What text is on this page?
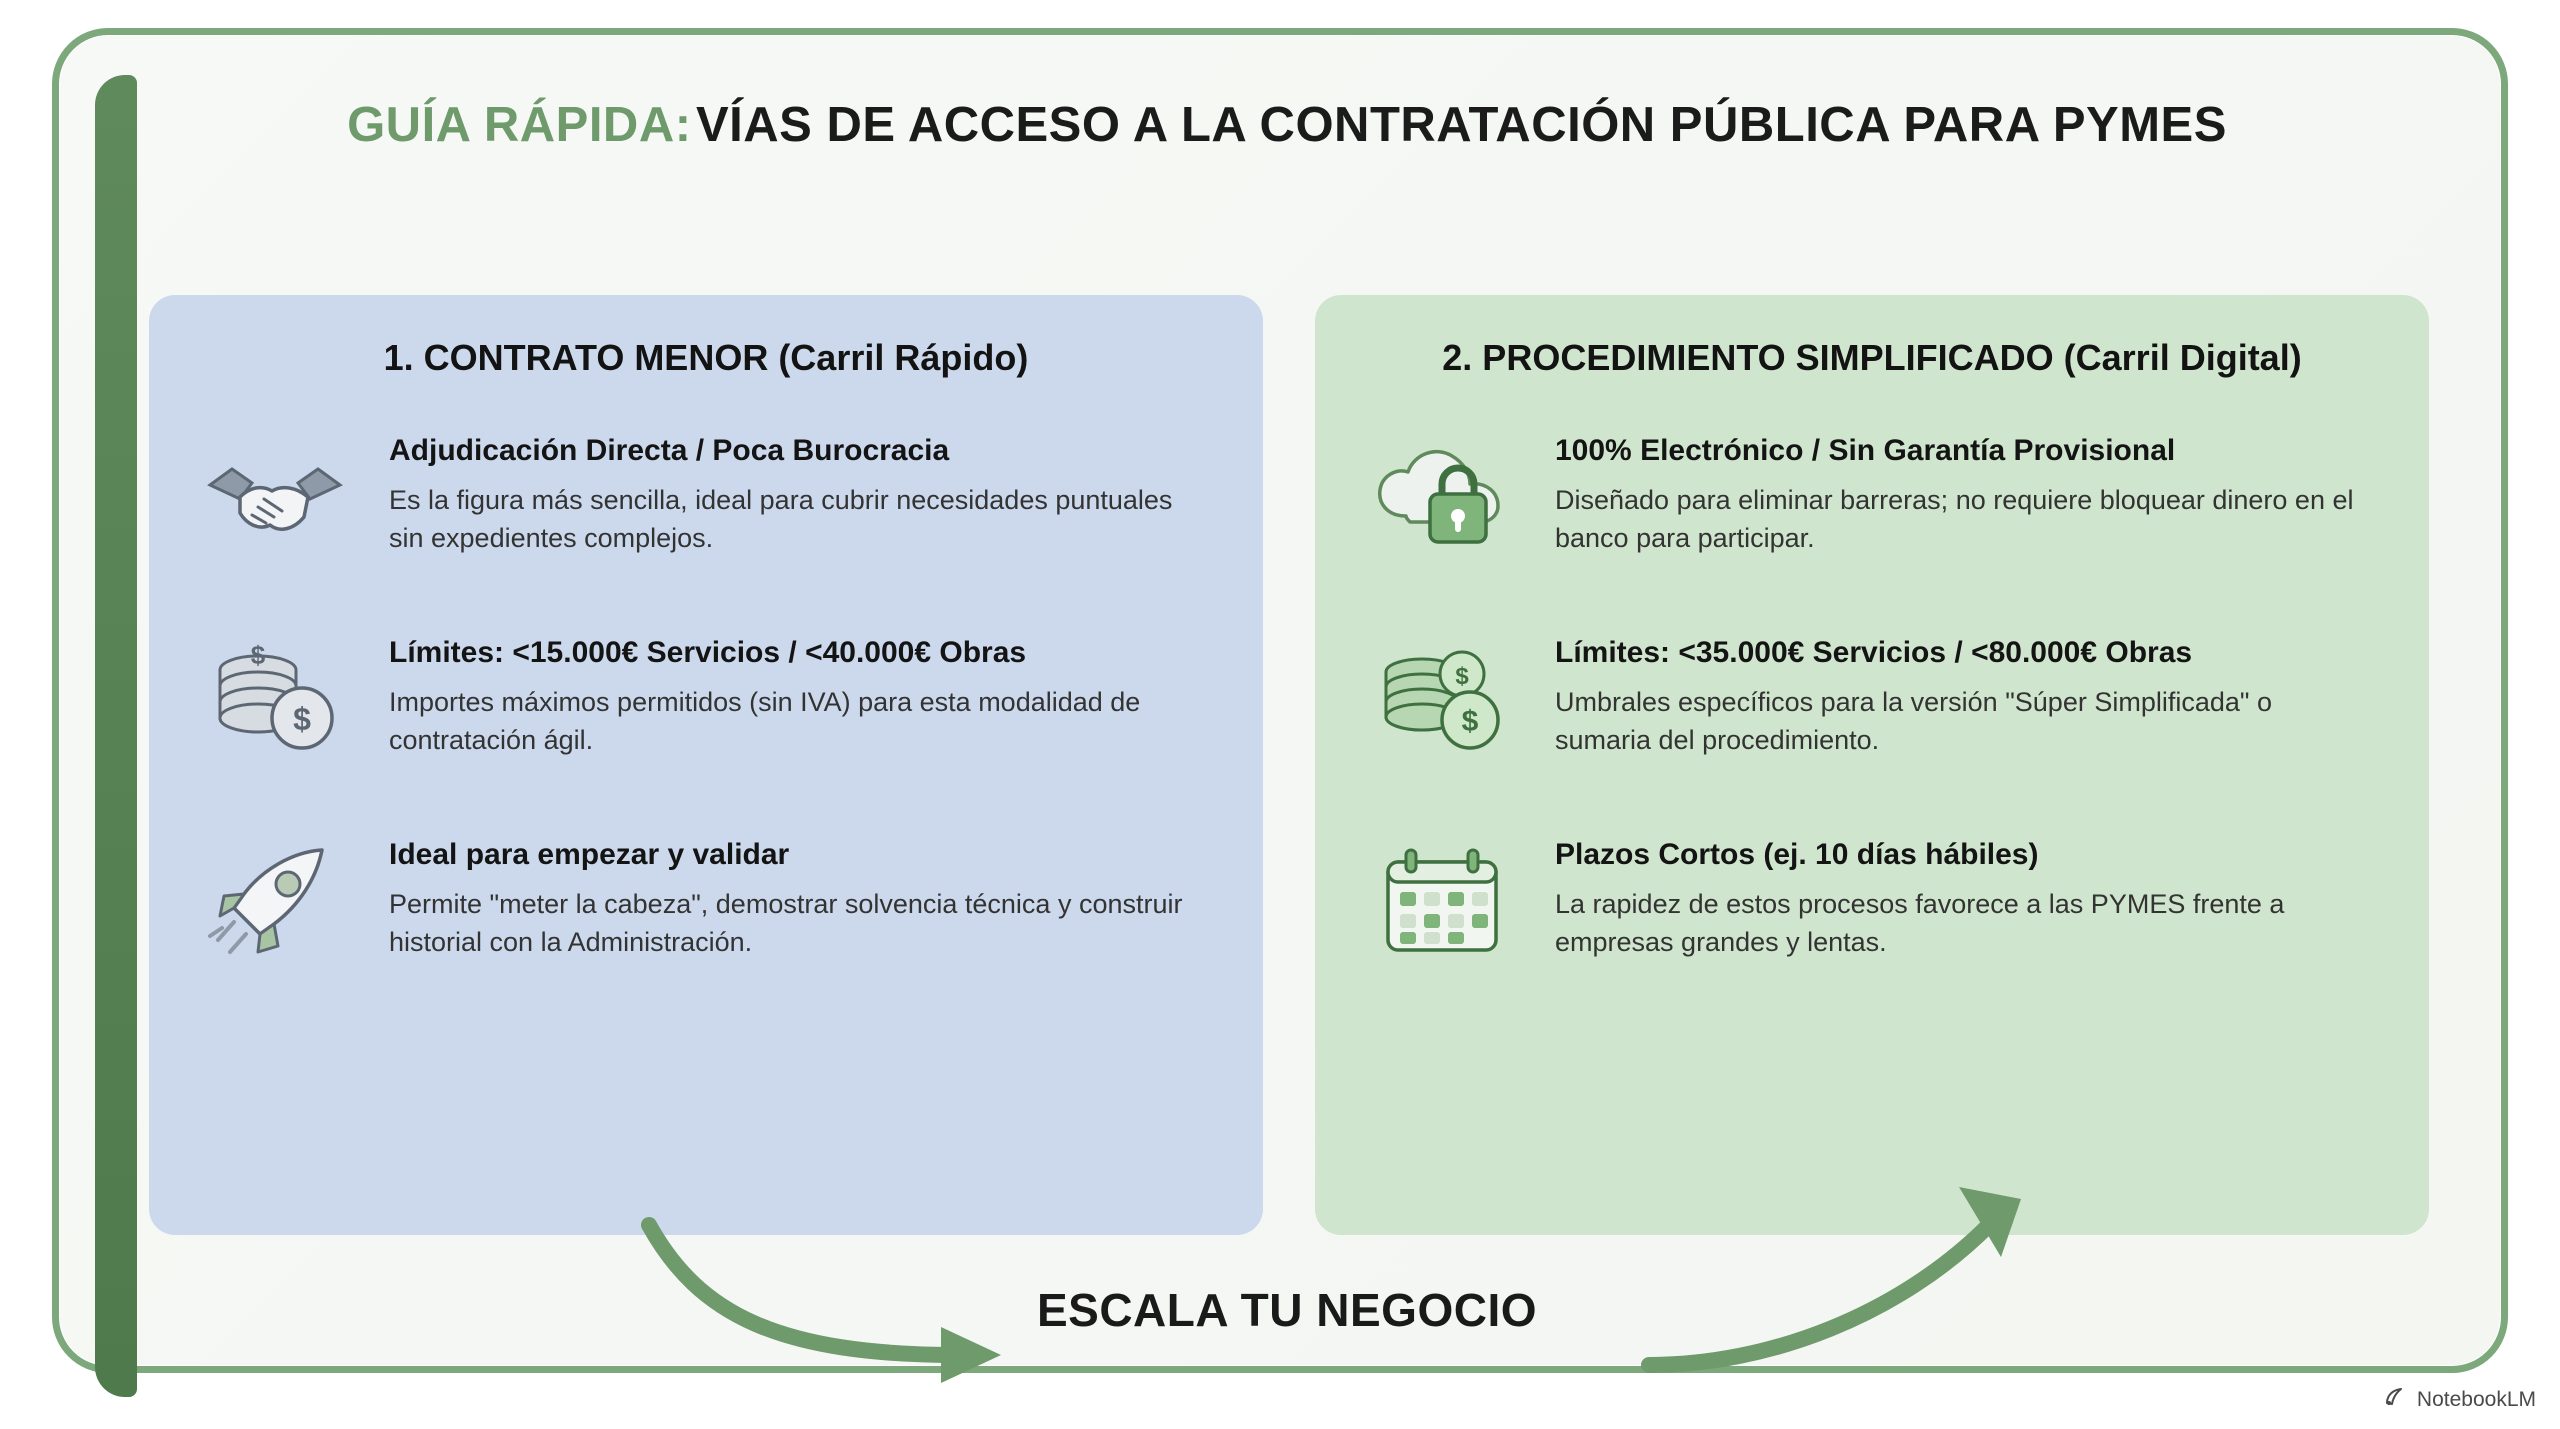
GUÍA RÁPIDA: VÍAS DE ACCESO A LA CONTRATACIÓN PÚBLICA PARA PYMES
1. CONTRATO MENOR (Carril Rápido)
Adjudicación Directa / Poca Burocracia
Es la figura más sencilla, ideal para cubrir necesidades puntuales sin expedientes complejos.
$
$	Límites: <15.000€ Servicios / <40.000€ Obras
Importes máximos permitidos (sin IVA) para esta modalidad de contratación ágil.
Ideal para empezar y validar
Permite "meter la cabeza", demostrar solvencia técnica y construir historial con la Administración.
2. PROCEDIMIENTO SIMPLIFICADO (Carril Digital)
100% Electrónico / Sin Garantía Provisional
Diseñado para eliminar barreras; no requiere bloquear dinero en el banco para participar.
$
$
Límites: <35.000€ Servicios / <80.000€ Obras
Umbrales específicos para la versión "Súper Simplificada" o sumaria del procedimiento.
Plazos Cortos (ej. 10 días hábiles)
La rapidez de estos procesos favorece a las PYMES frente a empresas grandes y lentas.
ESCALA TU NEGOCIO
NotebookLM
